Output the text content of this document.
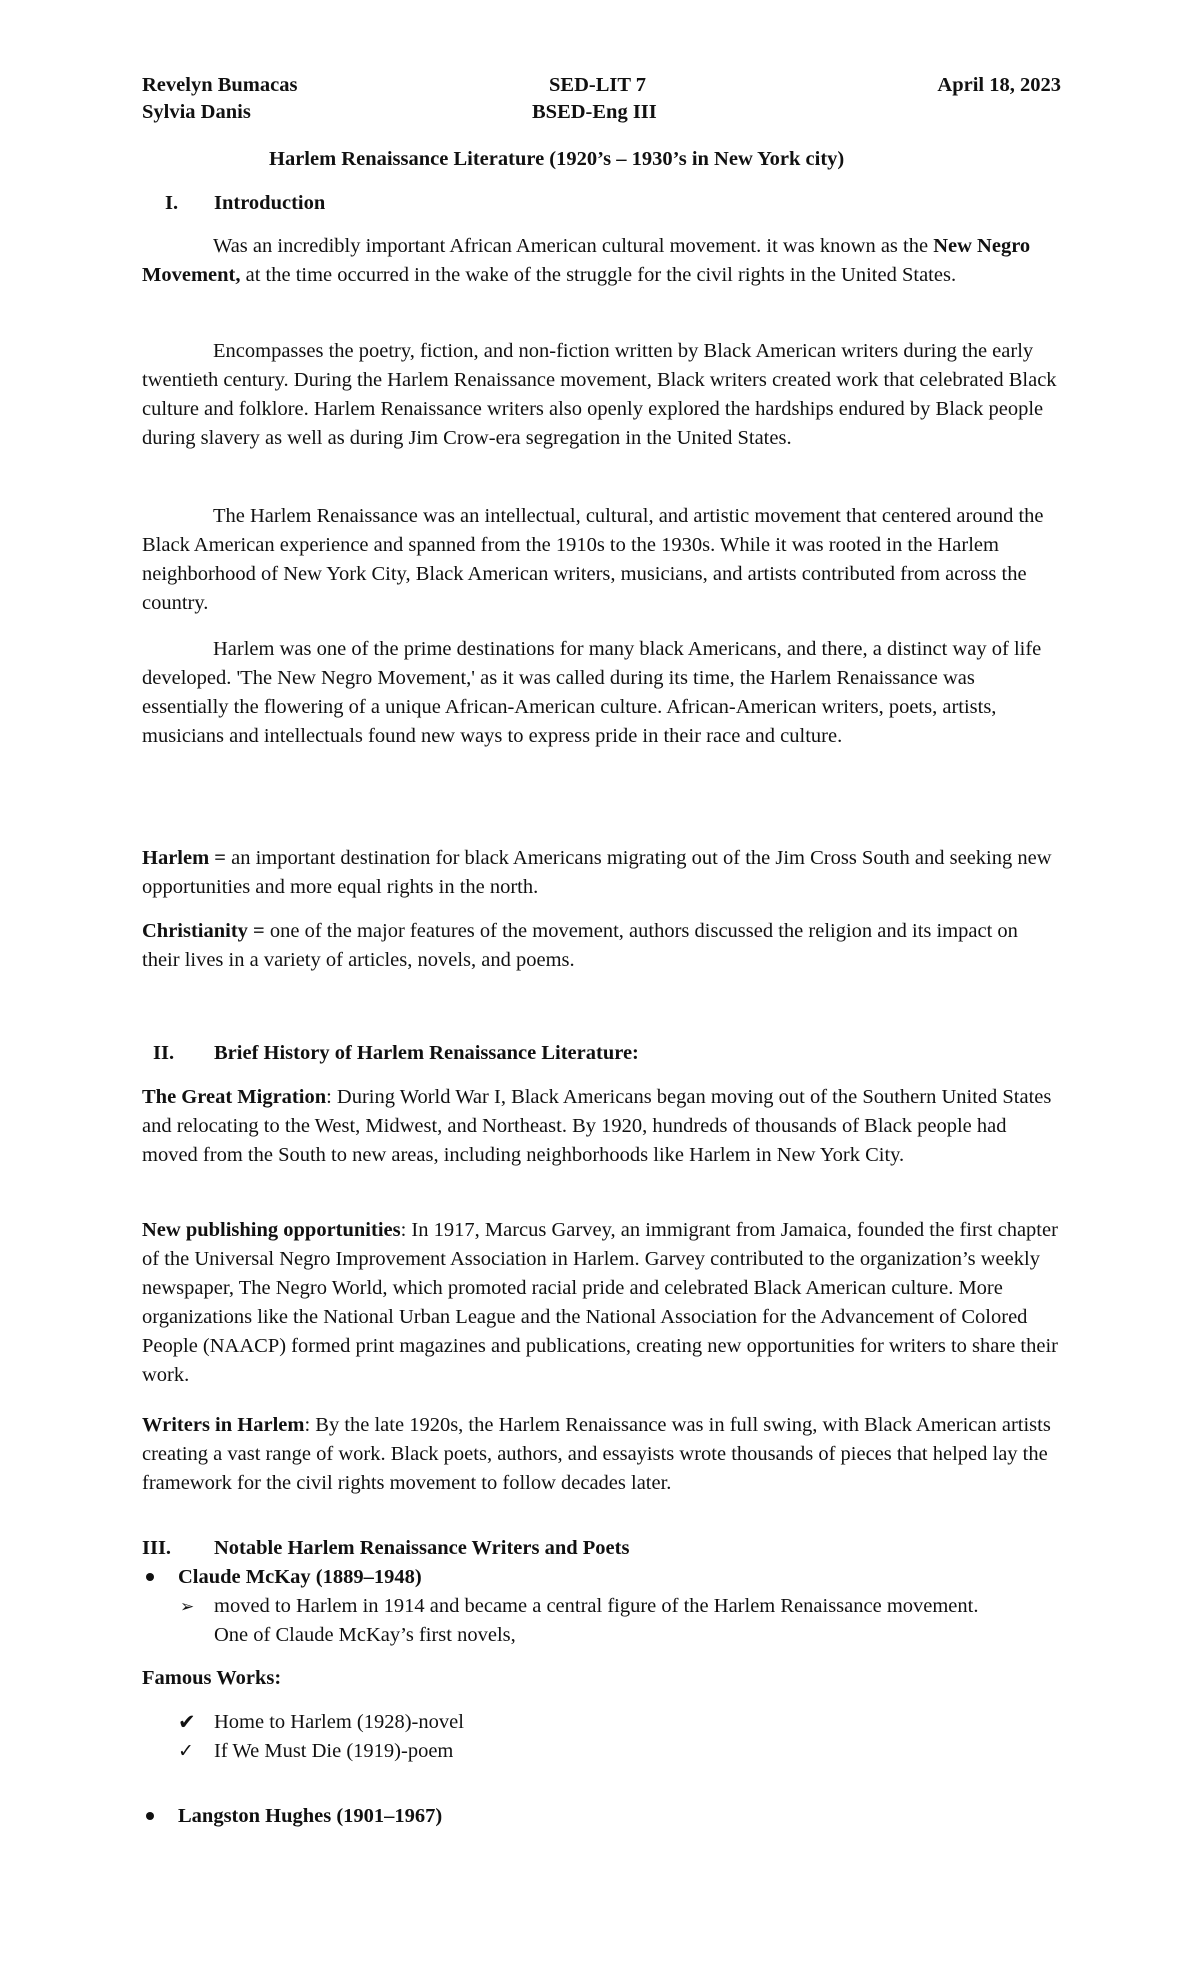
Revelyn Bumacas
Sylvia Danis
SED-LIT 7
BSED-Eng III
April 18, 2023
Harlem Renaissance Literature (1920’s – 1930’s in New York city)
I. Introduction
Was an incredibly important African American cultural movement. it was known as the New Negro Movement, at the time occurred in the wake of the struggle for the civil rights in the United States.
Encompasses the poetry, fiction, and non-fiction written by Black American writers during the early twentieth century. During the Harlem Renaissance movement, Black writers created work that celebrated Black culture and folklore. Harlem Renaissance writers also openly explored the hardships endured by Black people during slavery as well as during Jim Crow-era segregation in the United States.
The Harlem Renaissance was an intellectual, cultural, and artistic movement that centered around the Black American experience and spanned from the 1910s to the 1930s. While it was rooted in the Harlem neighborhood of New York City, Black American writers, musicians, and artists contributed from across the country.
Harlem was one of the prime destinations for many black Americans, and there, a distinct way of life developed. 'The New Negro Movement,' as it was called during its time, the Harlem Renaissance was essentially the flowering of a unique African-American culture. African-American writers, poets, artists, musicians and intellectuals found new ways to express pride in their race and culture.
Harlem = an important destination for black Americans migrating out of the Jim Cross South and seeking new opportunities and more equal rights in the north.
Christianity = one of the major features of the movement, authors discussed the religion and its impact on their lives in a variety of articles, novels, and poems.
II. Brief History of Harlem Renaissance Literature:
The Great Migration: During World War I, Black Americans began moving out of the Southern United States and relocating to the West, Midwest, and Northeast. By 1920, hundreds of thousands of Black people had moved from the South to new areas, including neighborhoods like Harlem in New York City.
New publishing opportunities: In 1917, Marcus Garvey, an immigrant from Jamaica, founded the first chapter of the Universal Negro Improvement Association in Harlem. Garvey contributed to the organization’s weekly newspaper, The Negro World, which promoted racial pride and celebrated Black American culture. More organizations like the National Urban League and the National Association for the Advancement of Colored People (NAACP) formed print magazines and publications, creating new opportunities for writers to share their work.
Writers in Harlem: By the late 1920s, the Harlem Renaissance was in full swing, with Black American artists creating a vast range of work. Black poets, authors, and essayists wrote thousands of pieces that helped lay the framework for the civil rights movement to follow decades later.
III. Notable Harlem Renaissance Writers and Poets
Claude McKay (1889–1948)
➢ moved to Harlem in 1914 and became a central figure of the Harlem Renaissance movement. One of Claude McKay’s first novels,
Famous Works:
✔ Home to Harlem (1928)-novel
✓ If We Must Die (1919)-poem
Langston Hughes (1901–1967)
